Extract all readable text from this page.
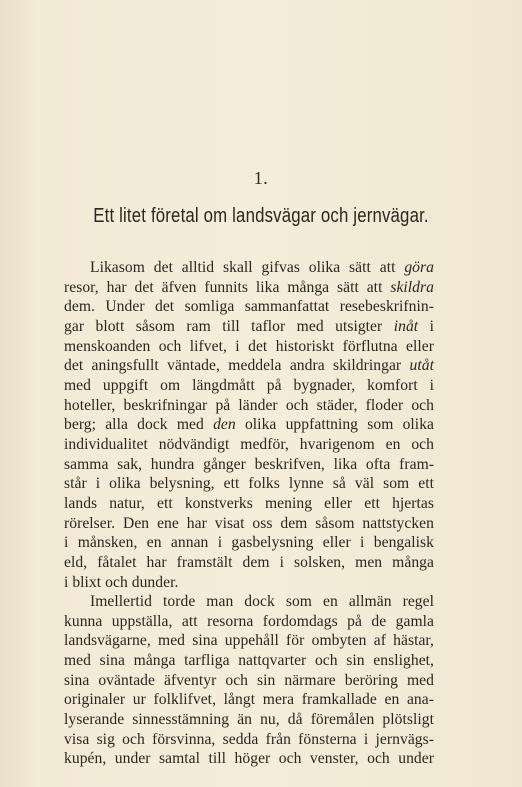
1.
Ett litet företal om landsvägar och jernvägar.
Likasom det alltid skall gifvas olika sätt att göra
resor, har det äfven funnits lika många sätt att skildra
dem. Under det somliga sammanfattat resebeskrifnin-
gar blott såsom ram till taflor med utsigter inåt i
menskoanden och lifvet, i det historiskt förflutna eller
det aningsfullt väntade, meddela andra skildringar utåt
med uppgift om längdmått på bygnader, komfort i
hoteller, beskrifningar på länder och städer, floder och
berg; alla dock med den olika uppfattning som olika
individualitet nödvändigt medför, hvarigenom en och
samma sak, hundra gånger beskrifven, lika ofta fram-
står i olika belysning, ett folks lynne så väl som ett
lands natur, ett konstverks mening eller ett hjertas
rörelser. Den ene har visat oss dem såsom nattstycken
i månsken, en annan i gasbelysning eller i bengalisk
eld, fåtalet har framstält dem i solsken, men många
i blixt och dunder.
Imellertid torde man dock som en allmän regel
kunna uppställa, att resorna fordomdags på de gamla
landsvägarne, med sina uppehåll för ombyten af hästar,
med sina många tarfliga nattqvarter och sin enslighet,
sina oväntade äfventyr och sin närmare beröring med
originaler ur folklifvet, långt mera framkallade en ana-
lyserande sinnesstämning än nu, då föremålen plötsligt
visa sig och försvinna, sedda från fönsterna i jernvägs-
kupén, under samtal till höger och venster, och under
